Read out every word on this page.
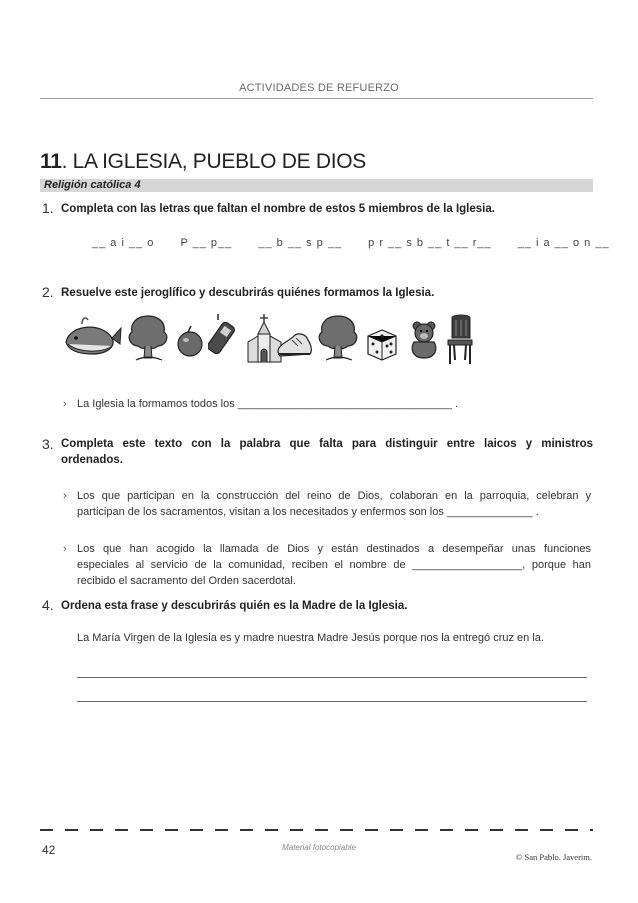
ACTIVIDADES DE REFUERZO
11. LA IGLESIA, PUEBLO DE DIOS
Religión católica 4
1. Completa con las letras que faltan el nombre de estos 5 miembros de la Iglesia.
__ a i __ o P __ p__ __ b __ s p __ p r __ s b __ t __ r__ __ i a __ o n __
2. Resuelve este jeroglífico y descubrirás quiénes formamos la Iglesia.
› La Iglesia la formamos todos los ___________________________________ .
3. Completa este texto con la palabra que falta para distinguir entre laicos y ministros
ordenados.
› Los que participan en la construcción del reino de Dios, colaboran en la parroquia, celebran y
participan de los sacramentos, visitan a los necesitados y enfermos son los ______________ .
› Los que han acogido la llamada de Dios y están destinados a desempeñar unas funciones
especiales al servicio de la comunidad, reciben el nombre de __________________, porque han
recibido el sacramento del Orden sacerdotal.
4. Ordena esta frase y descubrirás quién es la Madre de la Iglesia.
La María Virgen de la Iglesia es y madre nuestra Madre Jesús porque nos la entregó cruz en la.
42	Material fotocopiable
© San Pablo. Javerim.
